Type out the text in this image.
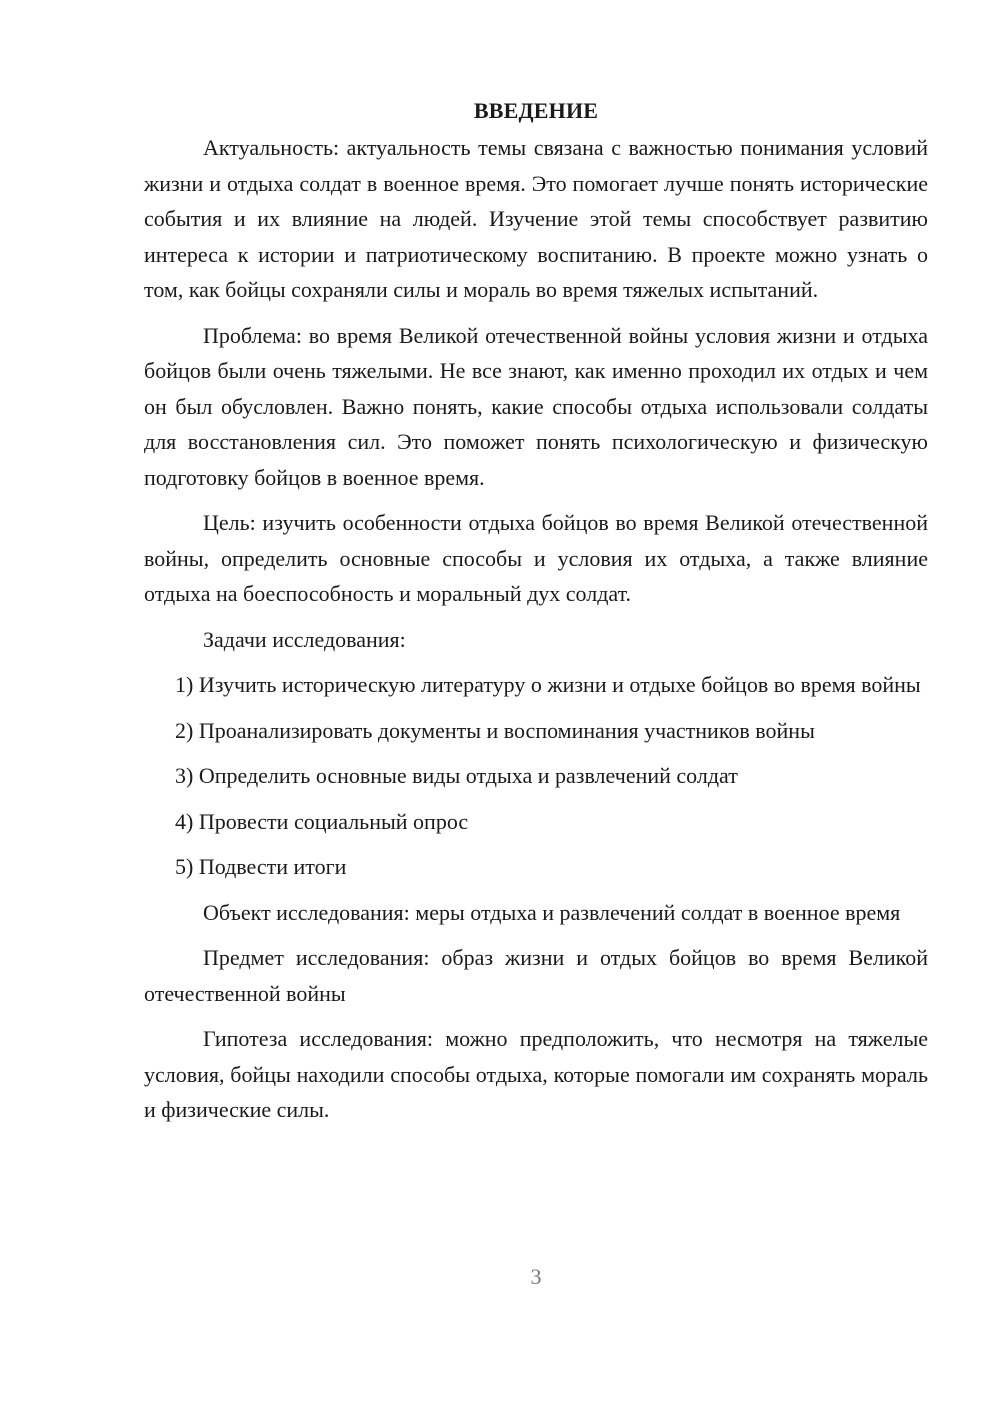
ВВЕДЕНИЕ

Актуальность: актуальность темы связана с важностью понимания условий жизни и отдыха солдат в военное время. Это помогает лучше понять исторические события и их влияние на людей. Изучение этой темы способствует развитию интереса к истории и патриотическому воспитанию. В проекте можно узнать о том, как бойцы сохраняли силы и мораль во время тяжелых испытаний.

Проблема: во время Великой отечественной войны условия жизни и отдыха бойцов были очень тяжелыми. Не все знают, как именно проходил их отдых и чем он был обусловлен. Важно понять, какие способы отдыха использовали солдаты для восстановления сил. Это поможет понять психологическую и физическую подготовку бойцов в военное время.

Цель: изучить особенности отдыха бойцов во время Великой отечественной войны, определить основные способы и условия их отдыха, а также влияние отдыха на боеспособность и моральный дух солдат.

Задачи исследования:

1) Изучить историческую литературу о жизни и отдыхе бойцов во время войны

2) Проанализировать документы и воспоминания участников войны

3) Определить основные виды отдыха и развлечений солдат

4) Провести социальный опрос

5) Подвести итоги

Объект исследования: меры отдыха и развлечений солдат в военное время

Предмет исследования: образ жизни и отдых бойцов во время Великой отечественной войны

Гипотеза исследования: можно предположить, что несмотря на тяжелые условия, бойцы находили способы отдыха, которые помогали им сохранять мораль и физические силы.

3
